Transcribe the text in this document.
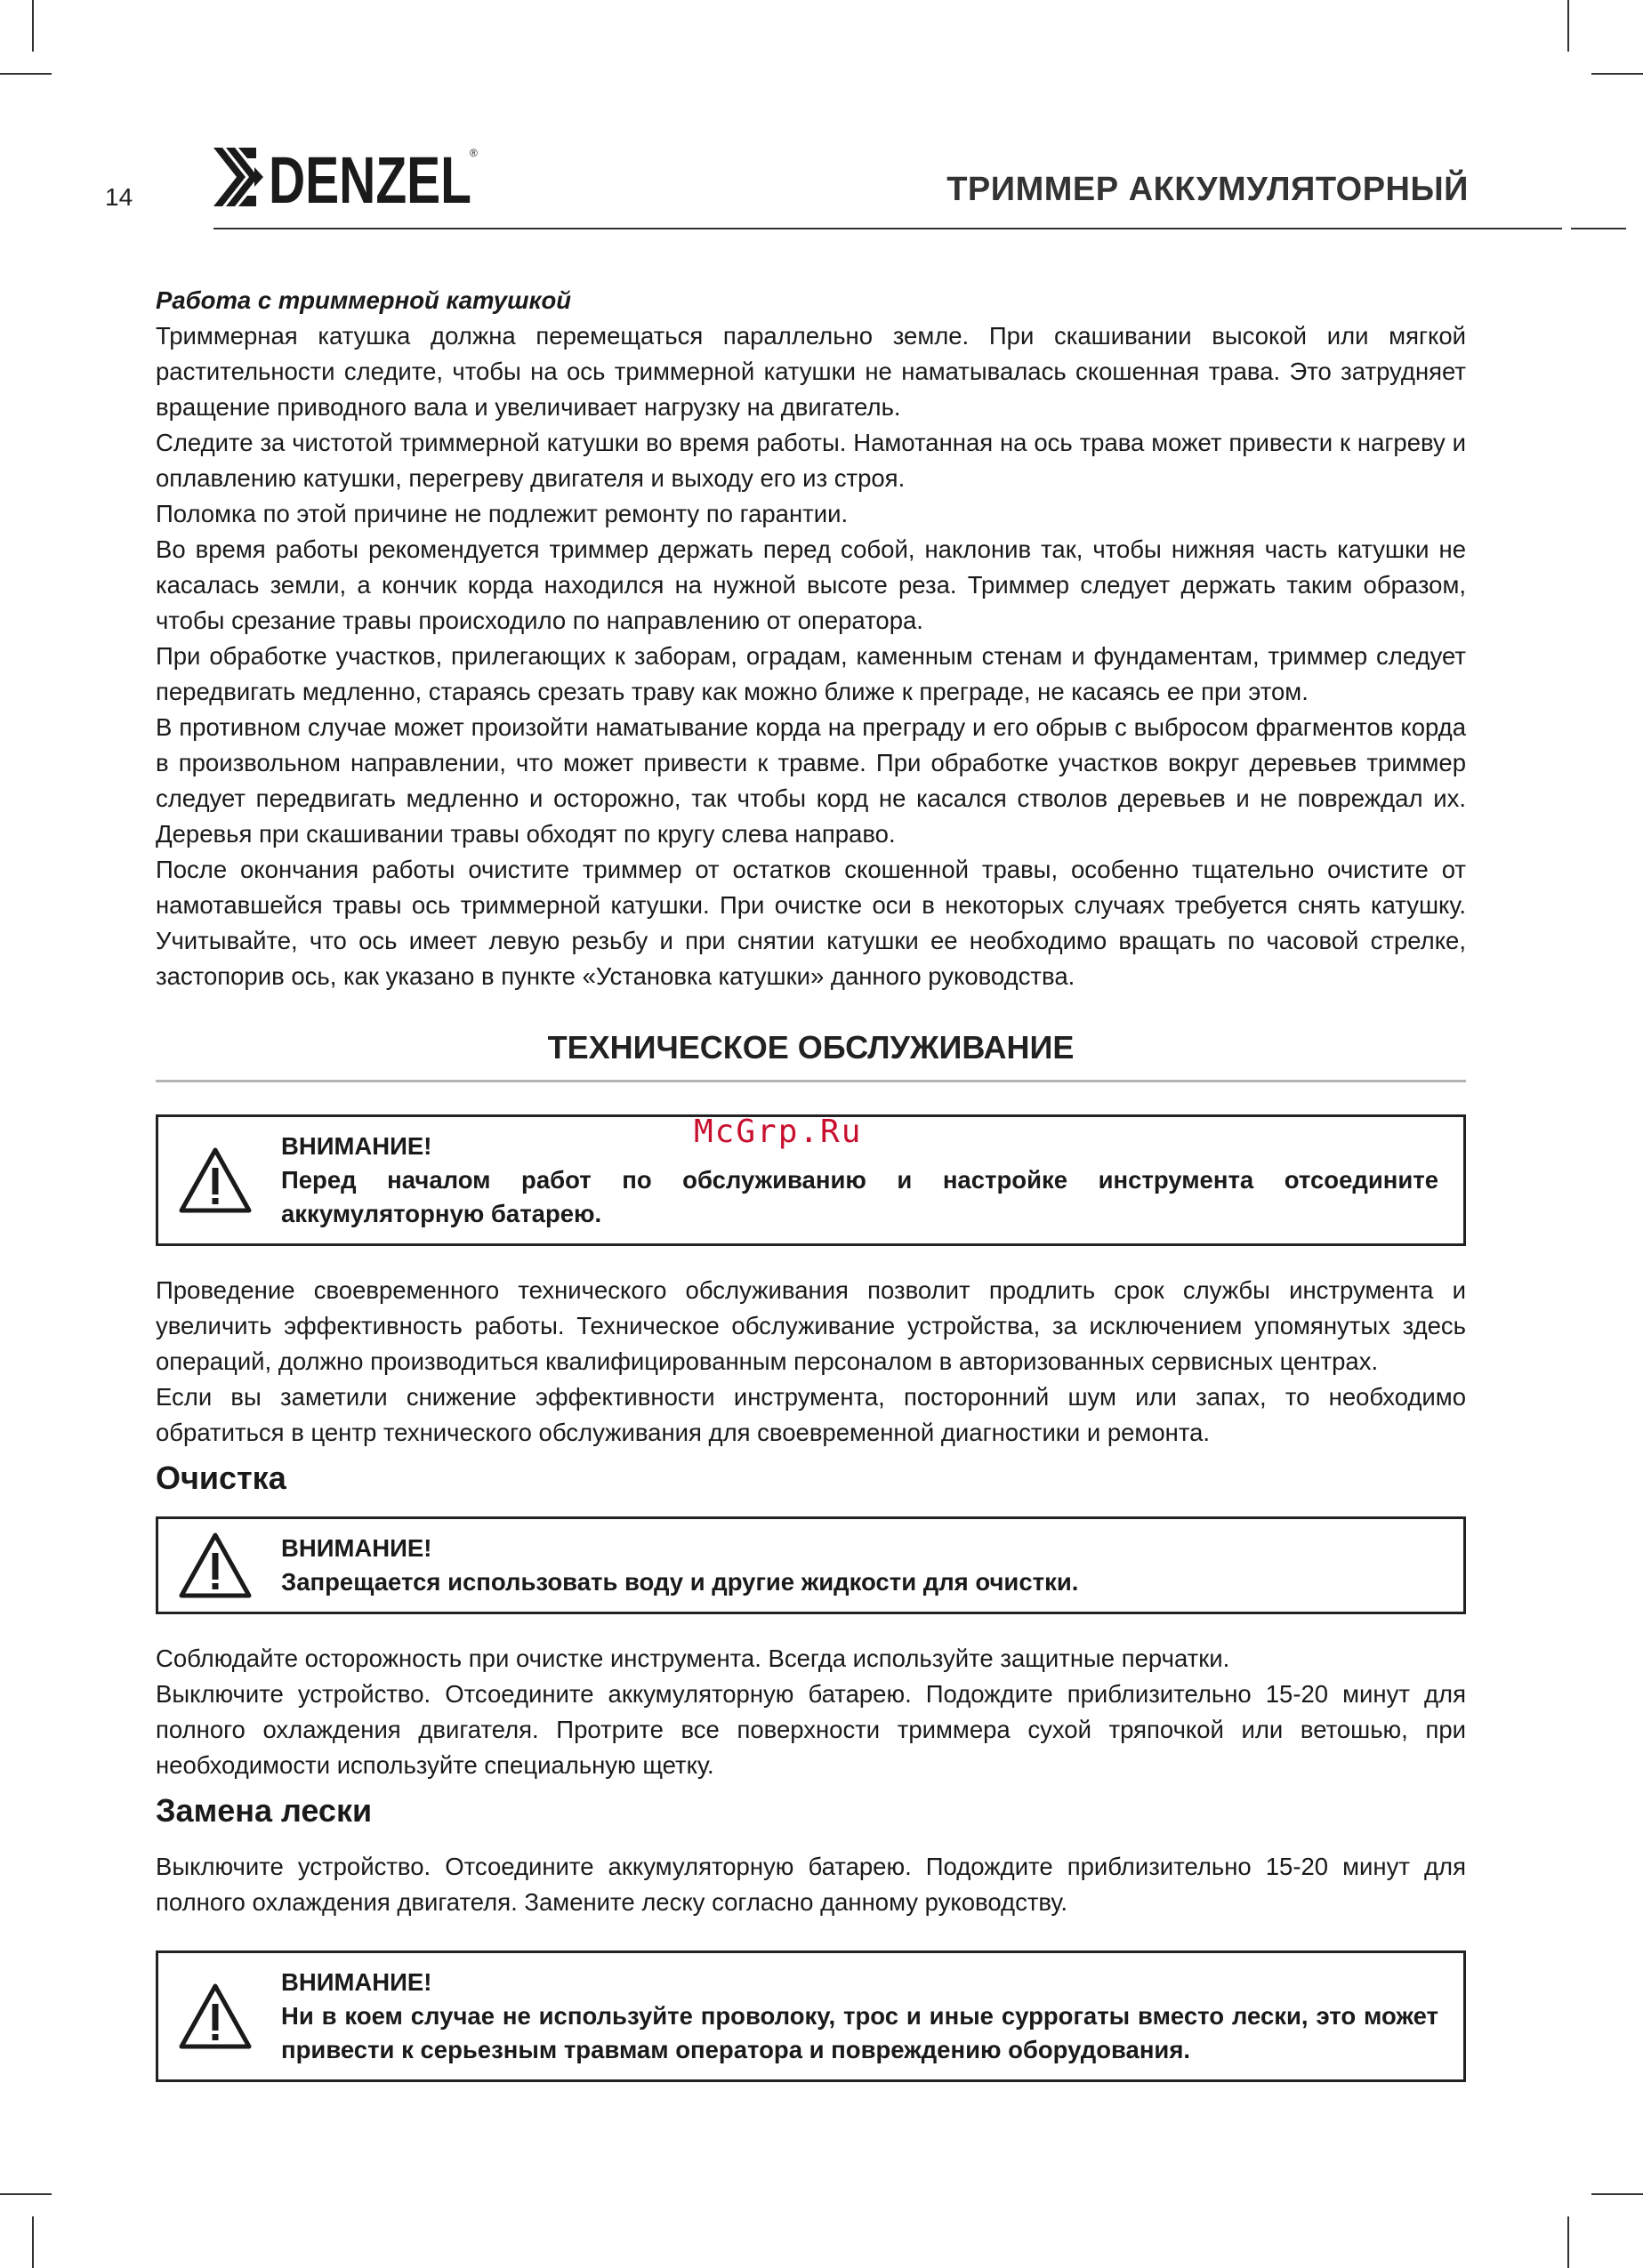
14 DENZEL
®
ТРИММЕР АККУМУЛЯТОРНЫЙ
McGrp.Ru

Работа с триммерной катушкой

Триммерная катушка должна перемещаться параллельно земле. При скашивании высокой или мягкой растительности следите, чтобы на ось триммерной катушки не наматывалась скошенная трава. Это затрудняет вращение приводного вала и увеличивает нагрузку на двигатель.

Следите за чистотой триммерной катушки во время работы. Намотанная на ось трава может привести к нагреву и оплавлению катушки, перегреву двигателя и выходу его из строя.

Поломка по этой причине не подлежит ремонту по гарантии.

Во время работы рекомендуется триммер держать перед собой, наклонив так, чтобы нижняя часть катушки не касалась земли, а кончик корда находился на нужной высоте реза. Триммер следует держать таким образом, чтобы срезание травы происходило по направлению от оператора.

При обработке участков, прилегающих к заборам, оградам, каменным стенам и фундаментам, триммер следует передвигать медленно, стараясь срезать траву как можно ближе к преграде, не касаясь ее при этом.

В противном случае может произойти наматывание корда на преграду и его обрыв с выбросом фрагментов корда в произвольном направлении, что может привести к травме. При обработке участков вокруг деревьев триммер следует передвигать медленно и осторожно, так чтобы корд не касался стволов деревьев и не повреждал их. Деревья при скашивании травы обходят по кругу слева направо.

После окончания работы очистите триммер от остатков скошенной травы, особенно тщательно очистите от намотавшейся травы ось триммерной катушки. При очистке оси в некоторых случаях требуется снять катушку. Учитывайте, что ось имеет левую резьбу и при снятии катушки ее необходимо вращать по часовой стрелке, застопорив ось, как указано в пункте «Установка катушки» данного руководства.

ТЕХНИЧЕСКОЕ ОБСЛУЖИВАНИЕ

ВНИМАНИЕ!

Перед началом работ по обслуживанию и настройке инструмента отсоедините аккумуляторную батарею.

Проведение своевременного технического обслуживания позволит продлить срок службы инструмента и увеличить эффективность работы. Техническое обслуживание устройства, за исключением упомянутых здесь операций, должно производиться квалифицированным персоналом в авторизованных сервисных центрах.

Если вы заметили снижение эффективности инструмента, посторонний шум или запах, то необходимо обратиться в центр технического обслуживания для своевременной диагностики и ремонта.

Очистка

ВНИМАНИЕ!

Запрещается использовать воду и другие жидкости для очистки.

Соблюдайте осторожность при очистке инструмента. Всегда используйте защитные перчатки.

Выключите устройство. Отсоедините аккумуляторную батарею. Подождите приблизительно 15-20 минут для полного охлаждения двигателя. Протрите все поверхности триммера сухой тряпочкой или ветошью, при необходимости используйте специальную щетку.

Замена лески

Выключите устройство. Отсоедините аккумуляторную батарею. Подождите приблизительно 15-20 минут для полного охлаждения двигателя. Замените леску согласно данному руководству.

ВНИМАНИЕ!

Ни в коем случае не используйте проволоку, трос и иные суррогаты вместо лески, это может привести к серьезным травмам оператора и повреждению оборудования.
